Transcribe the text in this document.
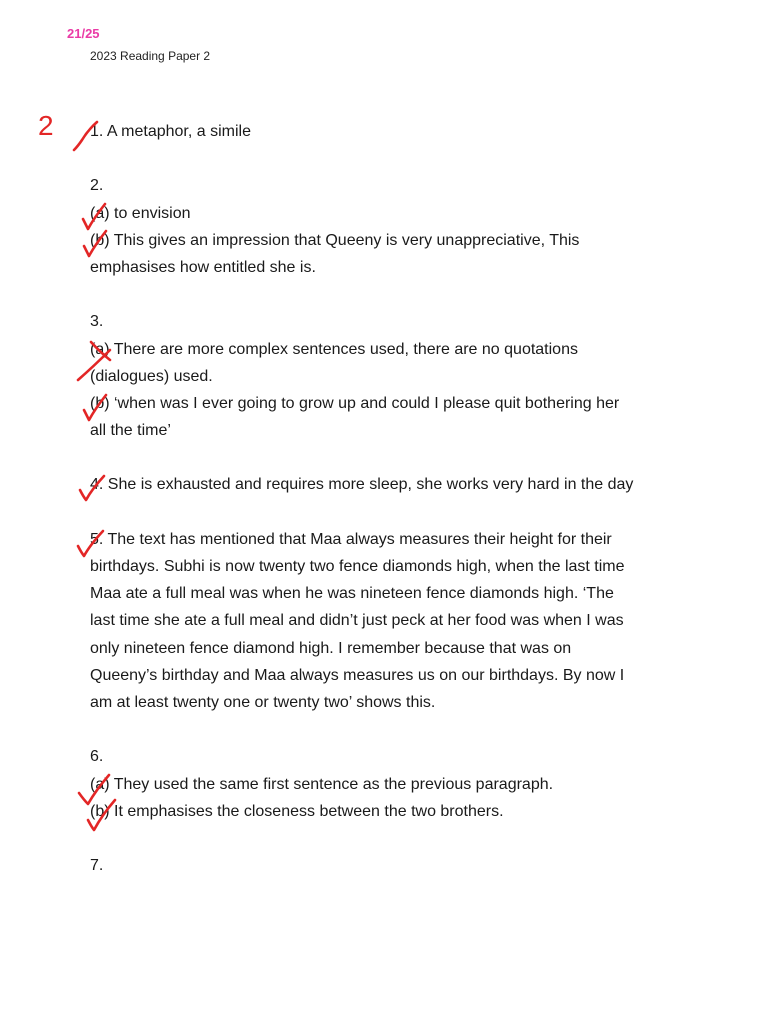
21/25
2023 Reading Paper 2
1. A metaphor, a simile
2.
(a) to envision
(b) This gives an impression that Queeny is very unappreciative, This
emphasises how entitled she is.
3.
(a) There are more complex sentences used, there are no quotations
(dialogues) used.
(b) ‘when was I ever going to grow up and could I please quit bothering her
all the time’
4. She is exhausted and requires more sleep, she works very hard in the day
5. The text has mentioned that Maa always measures their height for their
birthdays. Subhi is now twenty two fence diamonds high, when the last time
Maa ate a full meal was when he was nineteen fence diamonds high. ‘The
last time she ate a full meal and didn’t just peck at her food was when I was
only nineteen fence diamond high. I remember because that was on
Queeny’s birthday and Maa always measures us on our birthdays. By now I
am at least twenty one or twenty two’ shows this.
6.
(a) They used the same first sentence as the previous paragraph.
(b) It emphasises the closeness between the two brothers.
7.
2
